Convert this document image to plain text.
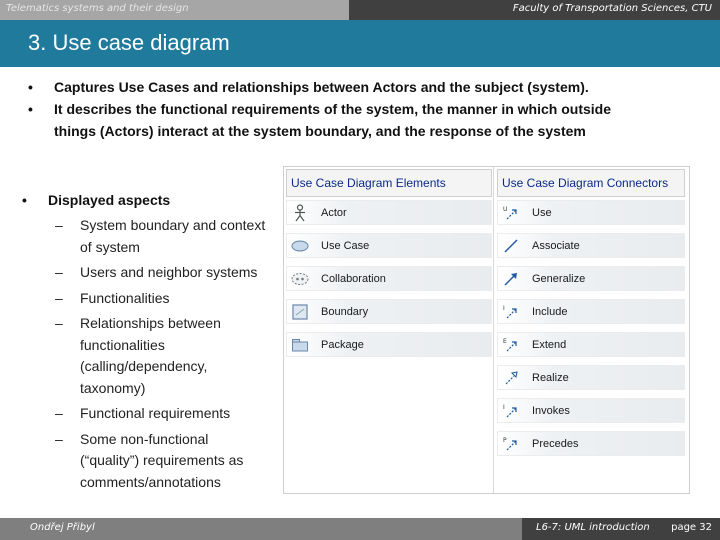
Telematics systems and their design	Faculty of Transportation Sciences, CTU
3. Use case diagram
• Captures Use Cases and relationships between Actors and the subject (system).
• It describes the functional requirements of the system, the manner in which outside
things (Actors) interact at the system boundary, and the response of the system
• Displayed aspects
– System boundary and context
of system
– Users and neighbor systems
– Functionalities
– Relationships between
functionalities
(calling/dependency,
taxonomy)
– Functional requirements
– Some non-functional
(“quality”) requirements as
comments/annotations
Use Case Diagram Elements
Actor
Use Case
Collaboration
Boundary
Package
Use Case Diagram Connectors
U Use
Associate
Generalize
I Include
E Extend
Realize
I Invokes
P Precedes
Ondřej Přibyl	L6-7: UML introduction page 32
